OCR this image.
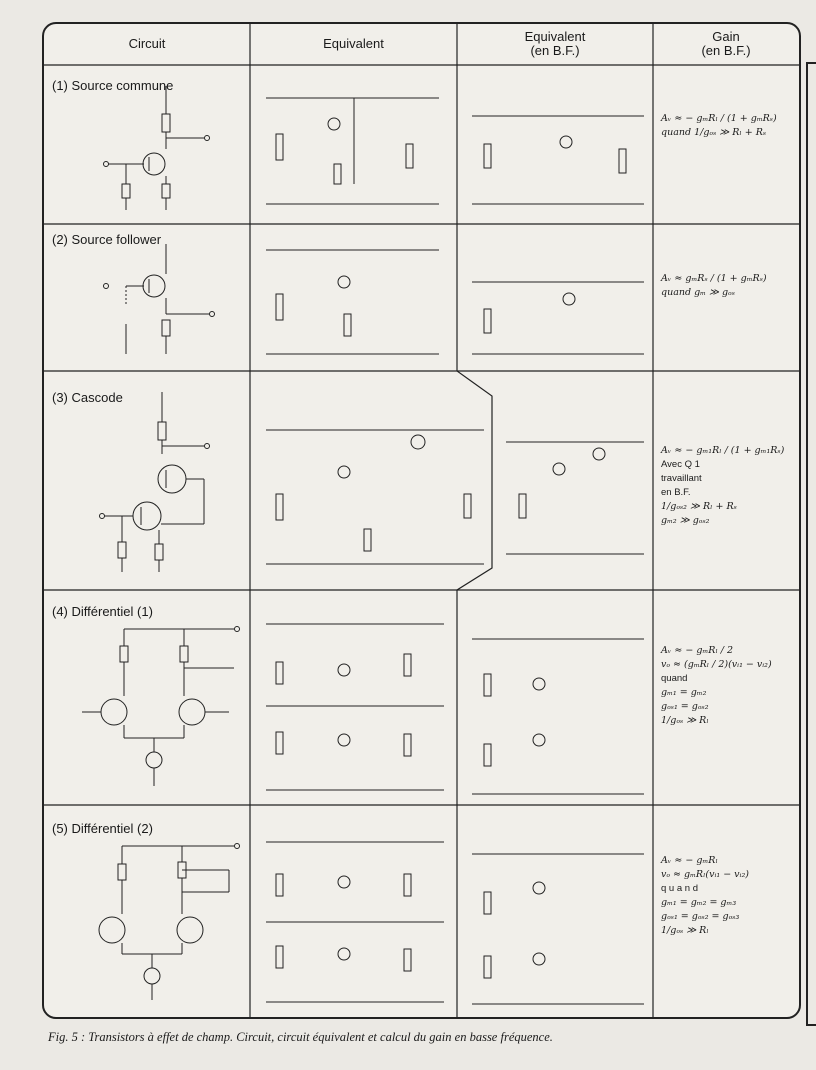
Circuit	Equivalent	Equivalent
(en B.F.)
Gain
(en B.F.)
(1) Source commune
(2) Source follower
(3) Cascode
(4) Différentiel (1)
(5) Différentiel (2)
Aᵥ ≈ − gₘRₗ / (1 + gₘRₛ)
quand 1/gₒₛ ≫ Rₗ + Rₛ
Aᵥ ≈ gₘRₛ / (1 + gₘRₛ)
quand gₘ ≫ gₒₛ
Aᵥ ≈ − gₘ₁Rₗ / (1 + gₘ₁Rₛ)
Avec Q 1
travaillant
en B.F.
1/gₒₛ₂ ≫ Rₗ + Rₛ
gₘ₂ ≫ gₒₛ₂
Aᵥ ≈ − gₘRₗ / 2
vₒ ≈ (gₘRₗ / 2)(vᵢ₁ − vᵢ₂)
quand
gₘ₁ = gₘ₂
gₒₛ₁ = gₒₛ₂
1/gₒₛ ≫ Rₗ
Aᵥ ≈ − gₘRₗ
vₒ ≈ gₘRₗ(vᵢ₁ − vᵢ₂)
q u a n d
gₘ₁ = gₘ₂ = gₘ₃
gₒₛ₁ = gₒₛ₂ = gₒₛ₃
1/gₒₛ ≫ Rₗ
Fig. 5 : Transistors à effet de champ. Circuit, circuit équivalent et calcul du gain en basse fréquence.
